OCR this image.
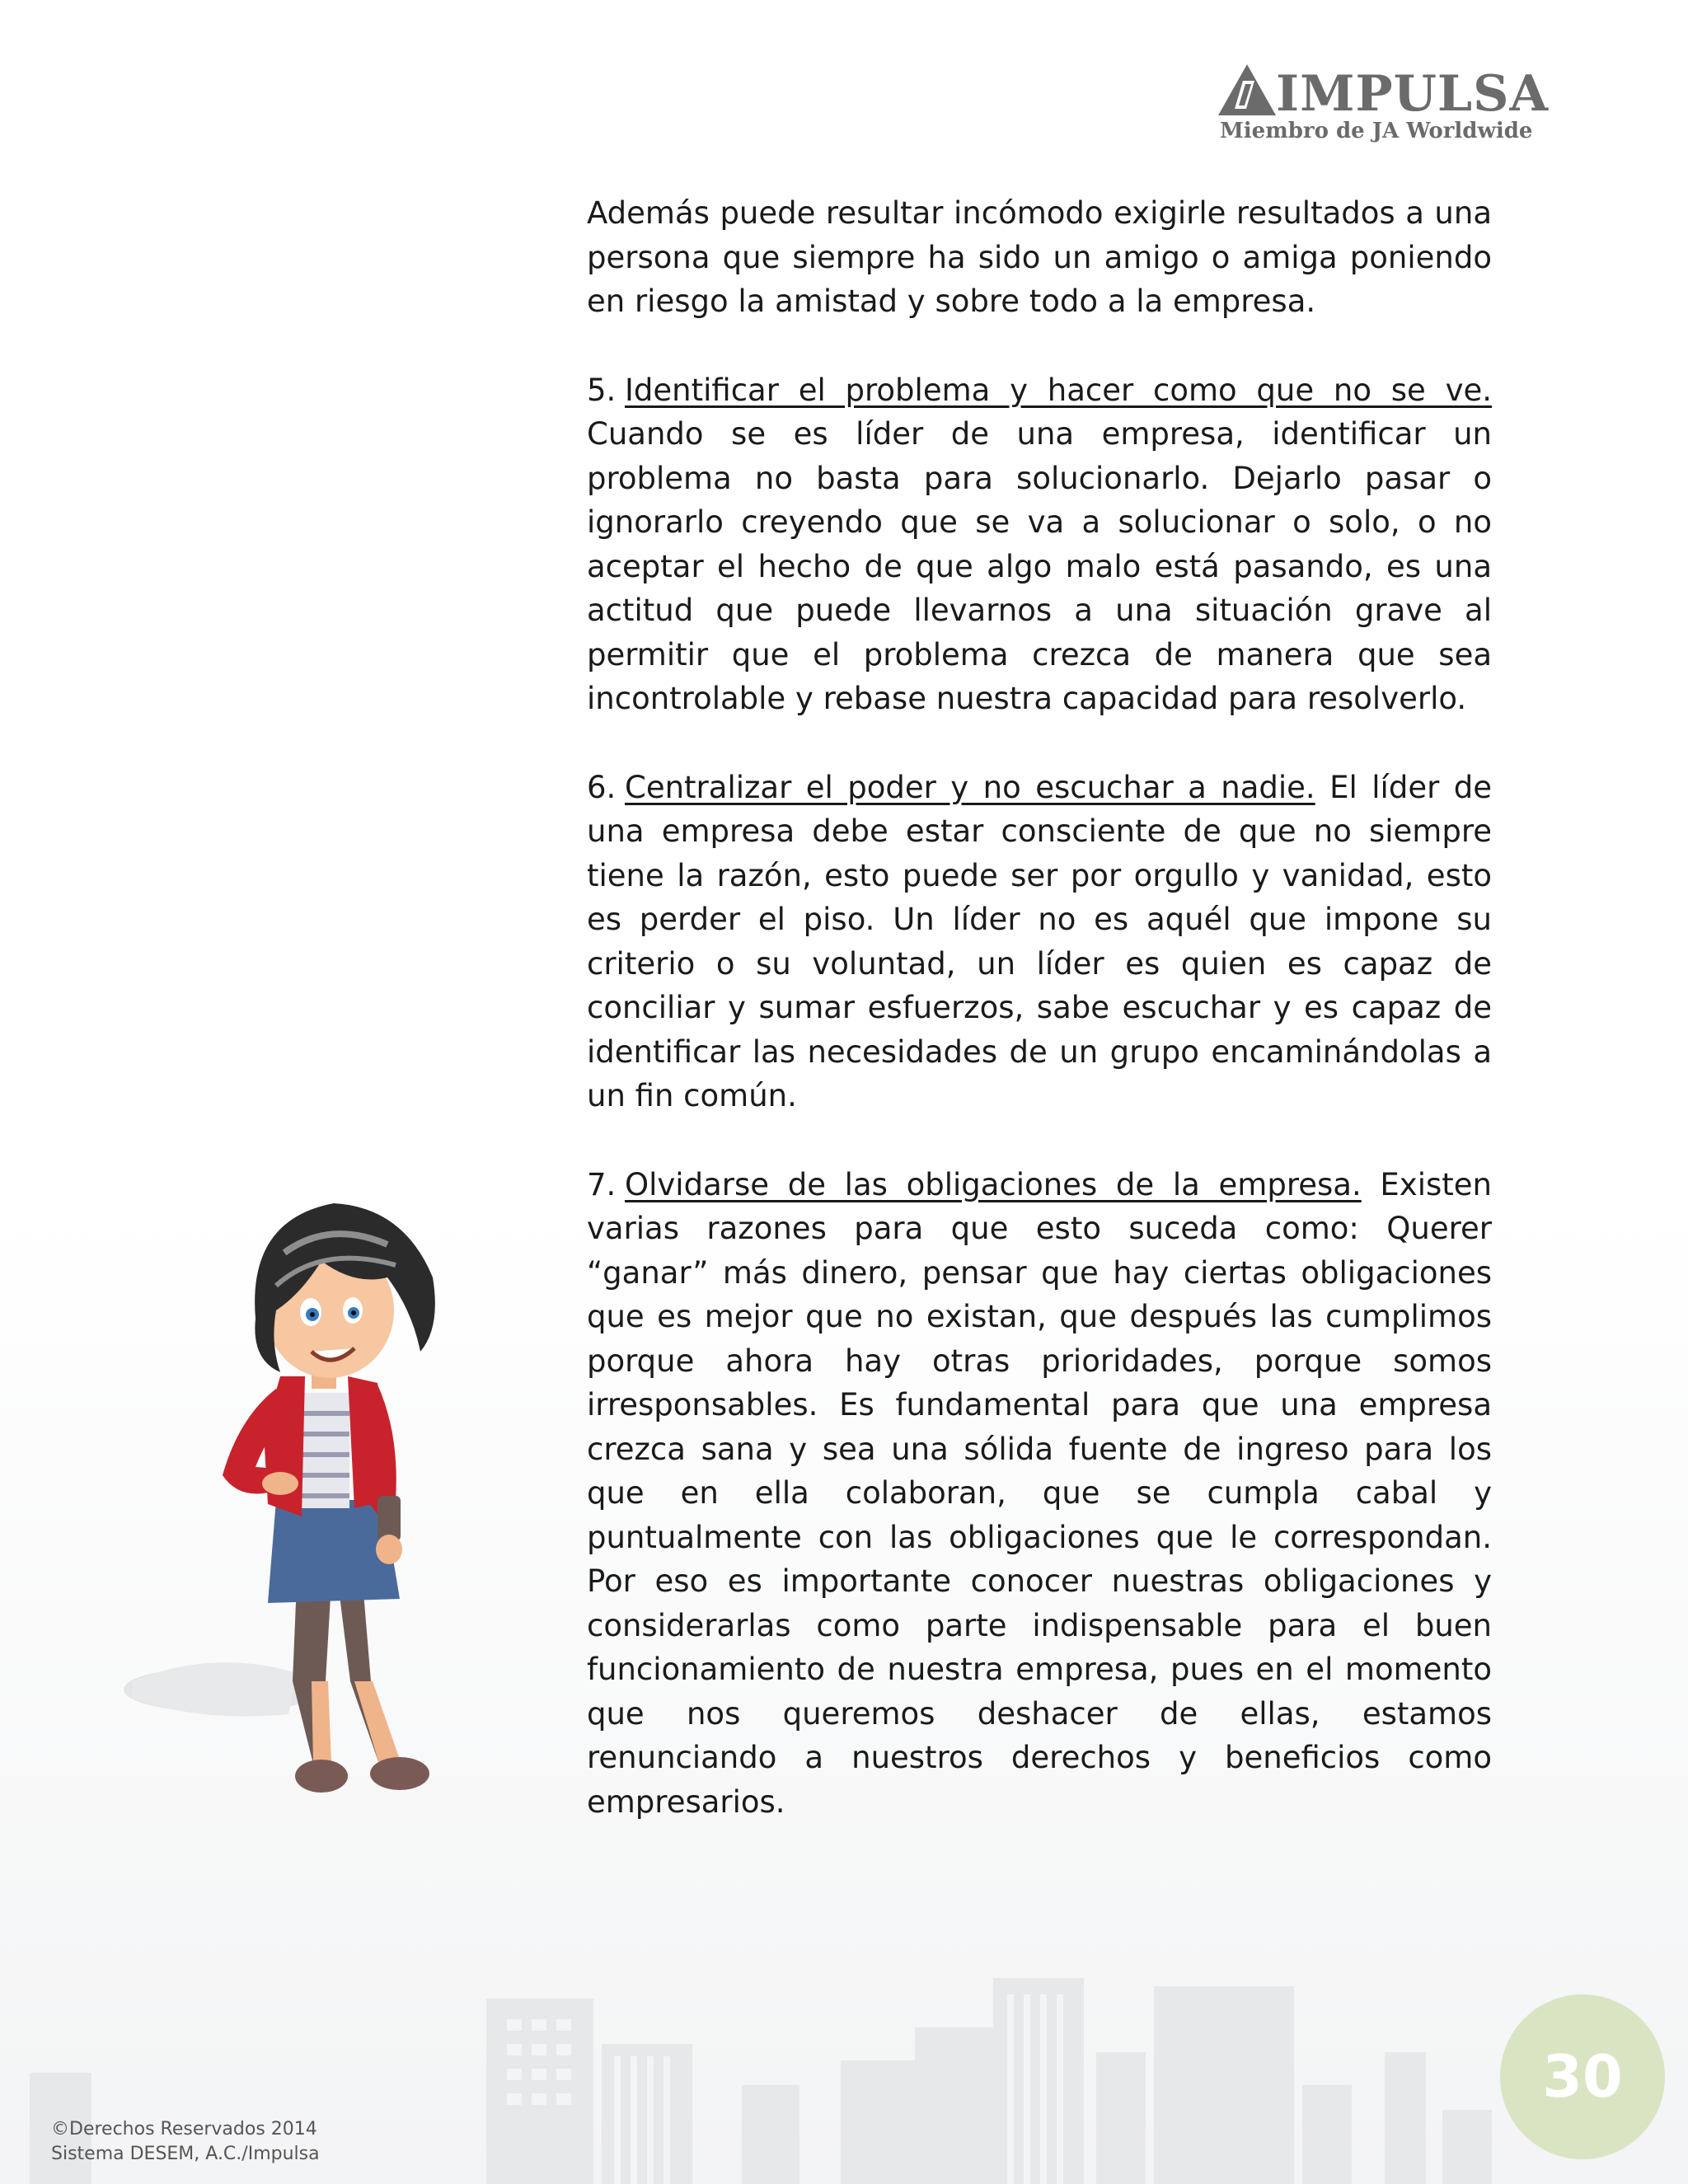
IMPULSA
Miembro de JA Worldwide

Además puede resultar incómodo exigirle resultados a una persona que siempre ha sido un amigo o amiga poniendo en riesgo la amistad y sobre todo a la empresa.

5. Identificar el problema y hacer como que no se ve. Cuando se es líder de una empresa, identificar un problema no basta para solucionarlo. Dejarlo pasar o ignorarlo creyendo que se va a solucionar o solo, o no aceptar el hecho de que algo malo está pasando, es una actitud que puede llevarnos a una situación grave al permitir que el problema crezca de manera que sea incontrolable y rebase nuestra capacidad para resolverlo.

6. Centralizar el poder y no escuchar a nadie. El líder de una empresa debe estar consciente de que no siempre tiene la razón, esto puede ser por orgullo y vanidad, esto es perder el piso. Un líder no es aquél que impone su criterio o su voluntad, un líder es quien es capaz de conciliar y sumar esfuerzos, sabe escuchar y es capaz de identificar las necesidades de un grupo encaminándolas a un fin común.

7. Olvidarse de las obligaciones de la empresa. Existen varias razones para que esto suceda como: Querer “ganar” más dinero, pensar que hay ciertas obligaciones que es mejor que no existan, que después las cumplimos porque ahora hay otras prioridades, porque somos irresponsables. Es fundamental para que una empresa crezca sana y sea una sólida fuente de ingreso para los que en ella colaboran, que se cumpla cabal y puntualmente con las obligaciones que le correspondan. Por eso es importante conocer nuestras obligaciones y considerarlas como parte indispensable para el buen funcionamiento de nuestra empresa, pues en el momento que nos queremos deshacer de ellas, estamos renunciando a nuestros derechos y beneficios como empresarios.

©Derechos Reservados 2014
Sistema DESEM, A.C./Impulsa
30
